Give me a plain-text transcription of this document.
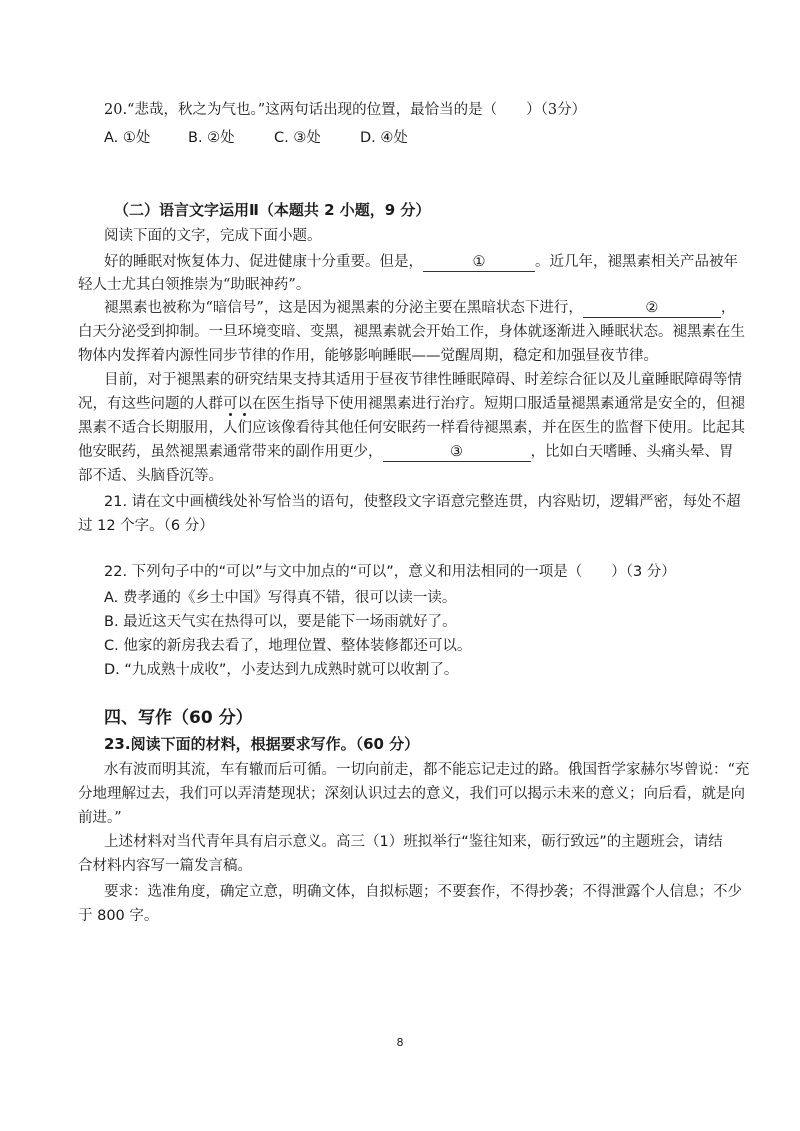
20.“悲哉，秋之为气也。”这两句话出现的位置，最恰当的是（　　）（3分）
A. ①处	B. ②处	C. ③处	D. ④处
（二）语言文字运用Ⅱ（本题共 2 小题，9 分）
阅读下面的文字，完成下面小题。
好的睡眠对恢复体力、促进健康十分重要。但是，	①	。近几年，褪黑素相关产品被年
轻人士尤其白领推崇为“助眠神药”。
褪黑素也被称为“暗信号”，这是因为褪黑素的分泌主要在黑暗状态下进行，	②	，
白天分泌受到抑制。一旦环境变暗、变黑，褪黑素就会开始工作，身体就逐渐进入睡眠状态。褪黑素在生
物体内发挥着内源性同步节律的作用，能够影响睡眠——觉醒周期，稳定和加强昼夜节律。
目前，对于褪黑素的研究结果支持其适用于昼夜节律性睡眠障碍、时差综合征以及儿童睡眠障碍等情
况，有这些问题的人群可以在医生指导下使用褪黑素进行治疗。短期口服适量褪黑素通常是安全的，但褪
黑素不适合长期服用，人们应该像看待其他任何安眠药一样看待褪黑素，并在医生的监督下使用。比起其
他安眠药，虽然褪黑素通常带来的副作用更少，	③	，比如白天嗜睡、头痛头晕、胃
部不适、头脑昏沉等。
21. 请在文中画横线处补写恰当的语句，使整段文字语意完整连贯，内容贴切，逻辑严密，每处不超
过 12 个字。（6 分）
22. 下列句子中的“可以”与文中加点的“可以”，意义和用法相同的一项是（　　）（3 分）
A. 费孝通的《乡土中国》写得真不错，很可以读一读。
B. 最近这天气实在热得可以，要是能下一场雨就好了。
C. 他家的新房我去看了，地理位置、整体装修都还可以。
D. “九成熟十成收”，小麦达到九成熟时就可以收割了。
四、写作（60 分）
23.阅读下面的材料，根据要求写作。（60 分）
水有波而明其流，车有辙而后可循。一切向前走，都不能忘记走过的路。俄国哲学家赫尔岑曾说：“充
分地理解过去，我们可以弄清楚现状；深刻认识过去的意义，我们可以揭示未来的意义；向后看，就是向
前进。”
上述材料对当代青年具有启示意义。高三（1）班拟举行“鉴往知来，砺行致远”的主题班会，请结
合材料内容写一篇发言稿。
要求：选准角度，确定立意，明确文体，自拟标题；不要套作，不得抄袭；不得泄露个人信息；不少
于 800 字。
8
